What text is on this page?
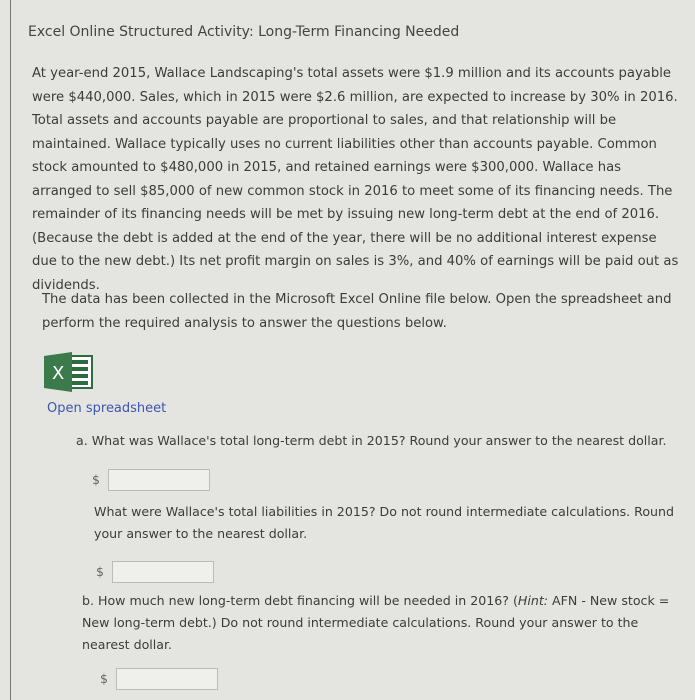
Excel Online Structured Activity: Long-Term Financing Needed
At year-end 2015, Wallace Landscaping's total assets were $1.9 million and its accounts payable were $440,000. Sales, which in 2015 were $2.6 million, are expected to increase by 30% in 2016. Total assets and accounts payable are proportional to sales, and that relationship will be maintained. Wallace typically uses no current liabilities other than accounts payable. Common stock amounted to $480,000 in 2015, and retained earnings were $300,000. Wallace has arranged to sell $85,000 of new common stock in 2016 to meet some of its financing needs. The remainder of its financing needs will be met by issuing new long-term debt at the end of 2016. (Because the debt is added at the end of the year, there will be no additional interest expense due to the new debt.) Its net profit margin on sales is 3%, and 40% of earnings will be paid out as dividends.
The data has been collected in the Microsoft Excel Online file below. Open the spreadsheet and perform the required analysis to answer the questions below.
X
Open spreadsheet
a. What was Wallace's total long-term debt in 2015? Round your answer to the nearest dollar.
$
What were Wallace's total liabilities in 2015? Do not round intermediate calculations. Round your answer to the nearest dollar.
$
b. How much new long-term debt financing will be needed in 2016? (Hint: AFN - New stock = New long-term debt.) Do not round intermediate calculations. Round your answer to the nearest dollar.
$
